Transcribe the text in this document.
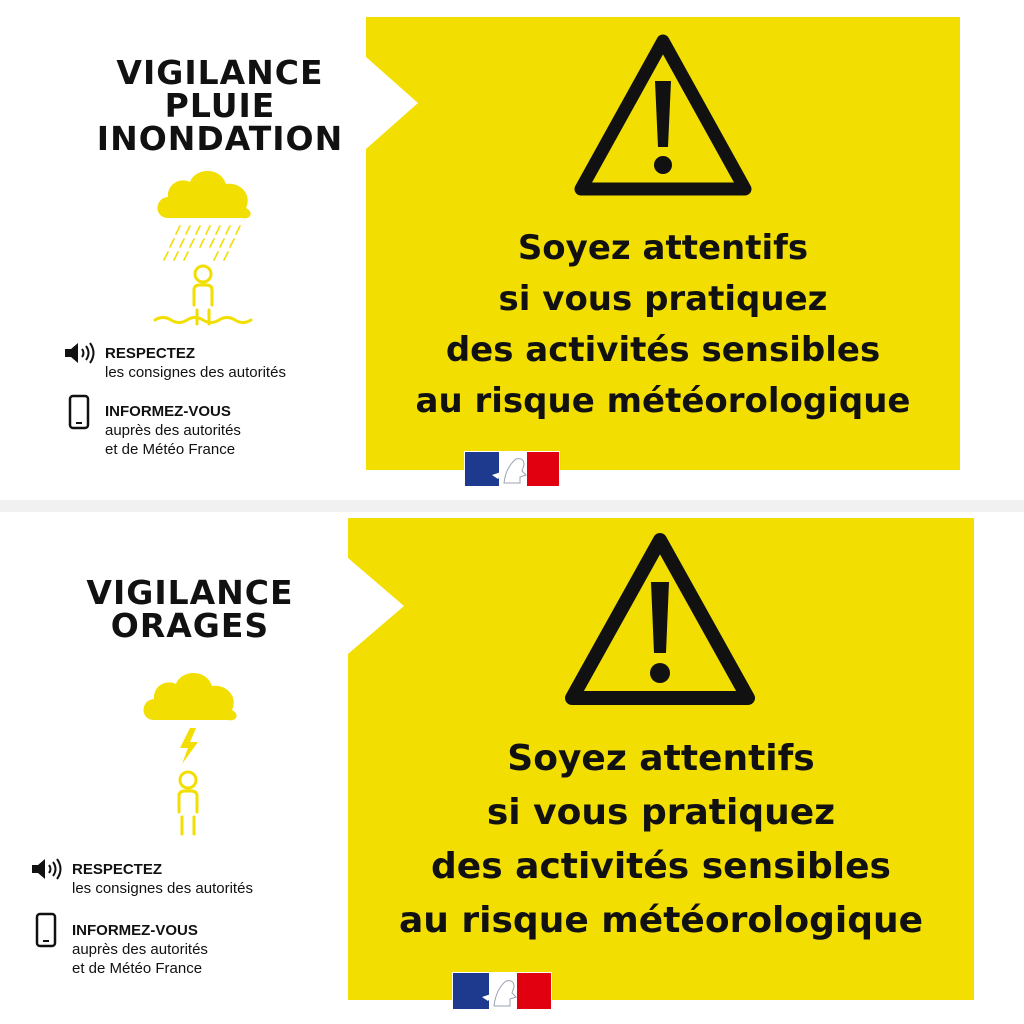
VIGILANCE
PLUIE
INONDATION
RESPECTEZ
les consignes des autorités
INFORMEZ-VOUS
auprès des autorités
et de Météo France
Soyez attentifs
si vous pratiquez
des activités sensibles
au risque météorologique
VIGILANCE
ORAGES
RESPECTEZ
les consignes des autorités
INFORMEZ-VOUS
auprès des autorités
et de Météo France
Soyez attentifs
si vous pratiquez
des activités sensibles
au risque météorologique
